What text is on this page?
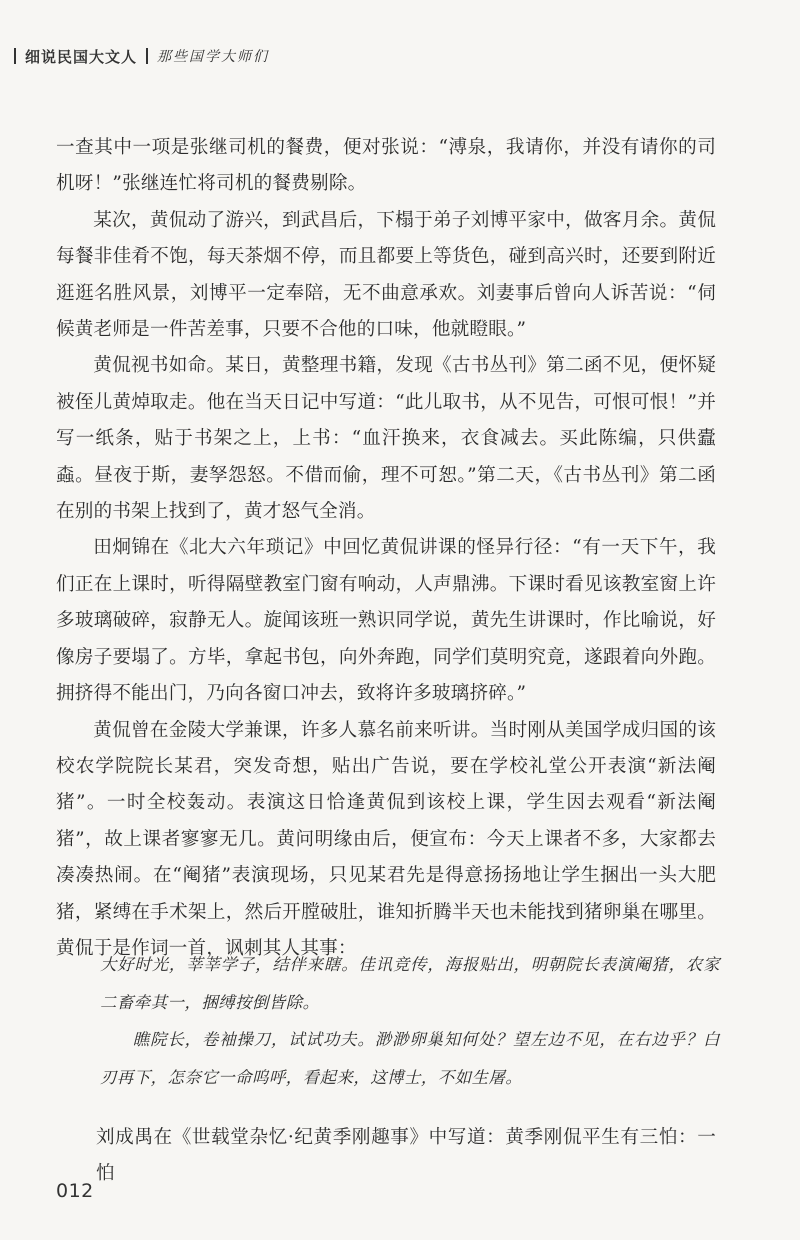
细说民国大文人 那些国学大师们

一查其中一项是张继司机的餐费，便对张说：“溥泉，我请你，并没有请你的司机呀！”张继连忙将司机的餐费剔除。

某次，黄侃动了游兴，到武昌后，下榻于弟子刘博平家中，做客月余。黄侃每餐非佳肴不饱，每天茶烟不停，而且都要上等货色，碰到高兴时，还要到附近逛逛名胜风景，刘博平一定奉陪，无不曲意承欢。刘妻事后曾向人诉苦说：“伺候黄老师是一件苦差事，只要不合他的口味，他就瞪眼。”

黄侃视书如命。某日，黄整理书籍，发现《古书丛刊》第二函不见，便怀疑被侄儿黄焯取走。他在当天日记中写道：“此儿取书，从不见告，可恨可恨！”并写一纸条，贴于书架之上，上书：“血汗换来，衣食减去。买此陈编，只供蠹螙。昼夜于斯，妻孥怨怒。不借而偷，理不可恕。”第二天，《古书丛刊》第二函在别的书架上找到了，黄才怒气全消。

田炯锦在《北大六年琐记》中回忆黄侃讲课的怪异行径：“有一天下午，我们正在上课时，听得隔壁教室门窗有响动，人声鼎沸。下课时看见该教室窗上许多玻璃破碎，寂静无人。旋闻该班一熟识同学说，黄先生讲课时，作比喻说，好像房子要塌了。方毕，拿起书包，向外奔跑，同学们莫明究竟，遂跟着向外跑。拥挤得不能出门，乃向各窗口冲去，致将许多玻璃挤碎。”

黄侃曾在金陵大学兼课，许多人慕名前来听讲。当时刚从美国学成归国的该校农学院院长某君，突发奇想，贴出广告说，要在学校礼堂公开表演“新法阉猪”。一时全校轰动。表演这日恰逢黄侃到该校上课，学生因去观看“新法阉猪”，故上课者寥寥无几。黄问明缘由后，便宣布：今天上课者不多，大家都去凑凑热闹。在“阉猪”表演现场，只见某君先是得意扬扬地让学生捆出一头大肥猪，紧缚在手术架上，然后开膛破肚，谁知折腾半天也未能找到猪卵巢在哪里。黄侃于是作词一首，讽刺其人其事：

大好时光，莘莘学子，结伴来瞎。佳讯竞传，海报贴出，明朝院长表演阉猪，农家二畜牵其一，捆缚按倒皆除。

瞧院长，卷袖操刀，试试功夫。渺渺卵巢知何处？望左边不见，在右边乎？白刃再下，怎奈它一命呜呼，看起来，这博士，不如生屠。

刘成禺在《世载堂杂忆·纪黄季刚趣事》中写道：黄季刚侃平生有三怕：一怕

012
